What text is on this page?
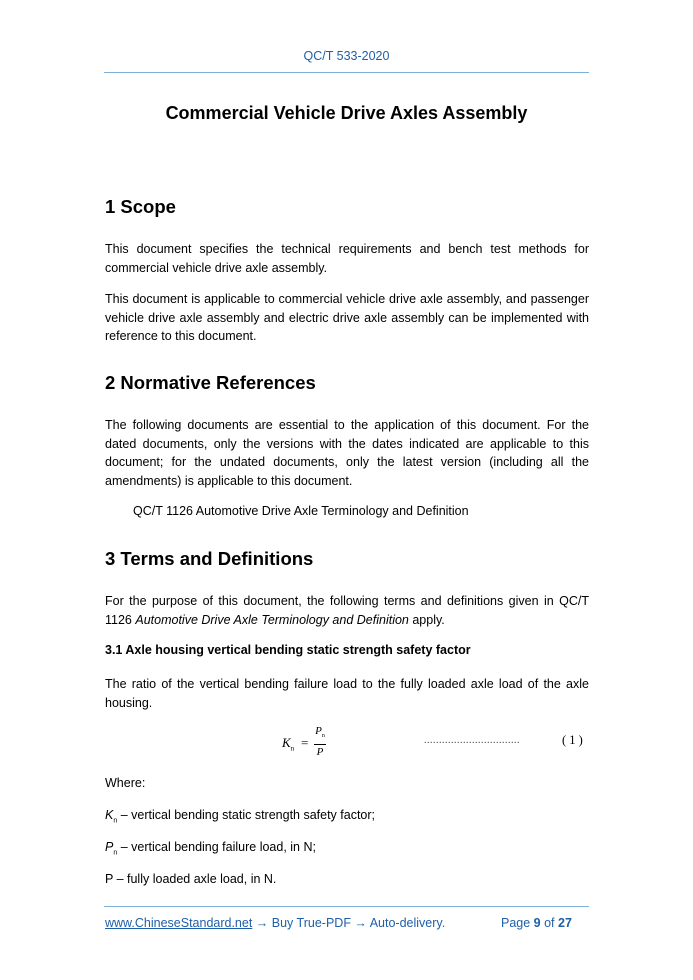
QC/T 533-2020
Commercial Vehicle Drive Axles Assembly
1 Scope
This document specifies the technical requirements and bench test methods for commercial vehicle drive axle assembly.
This document is applicable to commercial vehicle drive axle assembly, and passenger vehicle drive axle assembly and electric drive axle assembly can be implemented with reference to this document.
2 Normative References
The following documents are essential to the application of this document. For the dated documents, only the versions with the dates indicated are applicable to this document; for the undated documents, only the latest version (including all the amendments) is applicable to this document.
QC/T 1126 Automotive Drive Axle Terminology and Definition
3 Terms and Definitions
For the purpose of this document, the following terms and definitions given in QC/T 1126 Automotive Drive Axle Terminology and Definition apply.
3.1 Axle housing vertical bending static strength safety factor
The ratio of the vertical bending failure load to the fully loaded axle load of the axle housing.
$K_n$ =
$P_n$
P
................................	( 1 )
Where:
$K_n$ – vertical bending static strength safety factor;
$P_n$ – vertical bending failure load, in N;
P – fully loaded axle load, in N.
www.ChineseStandard.net → Buy True-PDF → Auto-delivery.	Page 9 of 27
